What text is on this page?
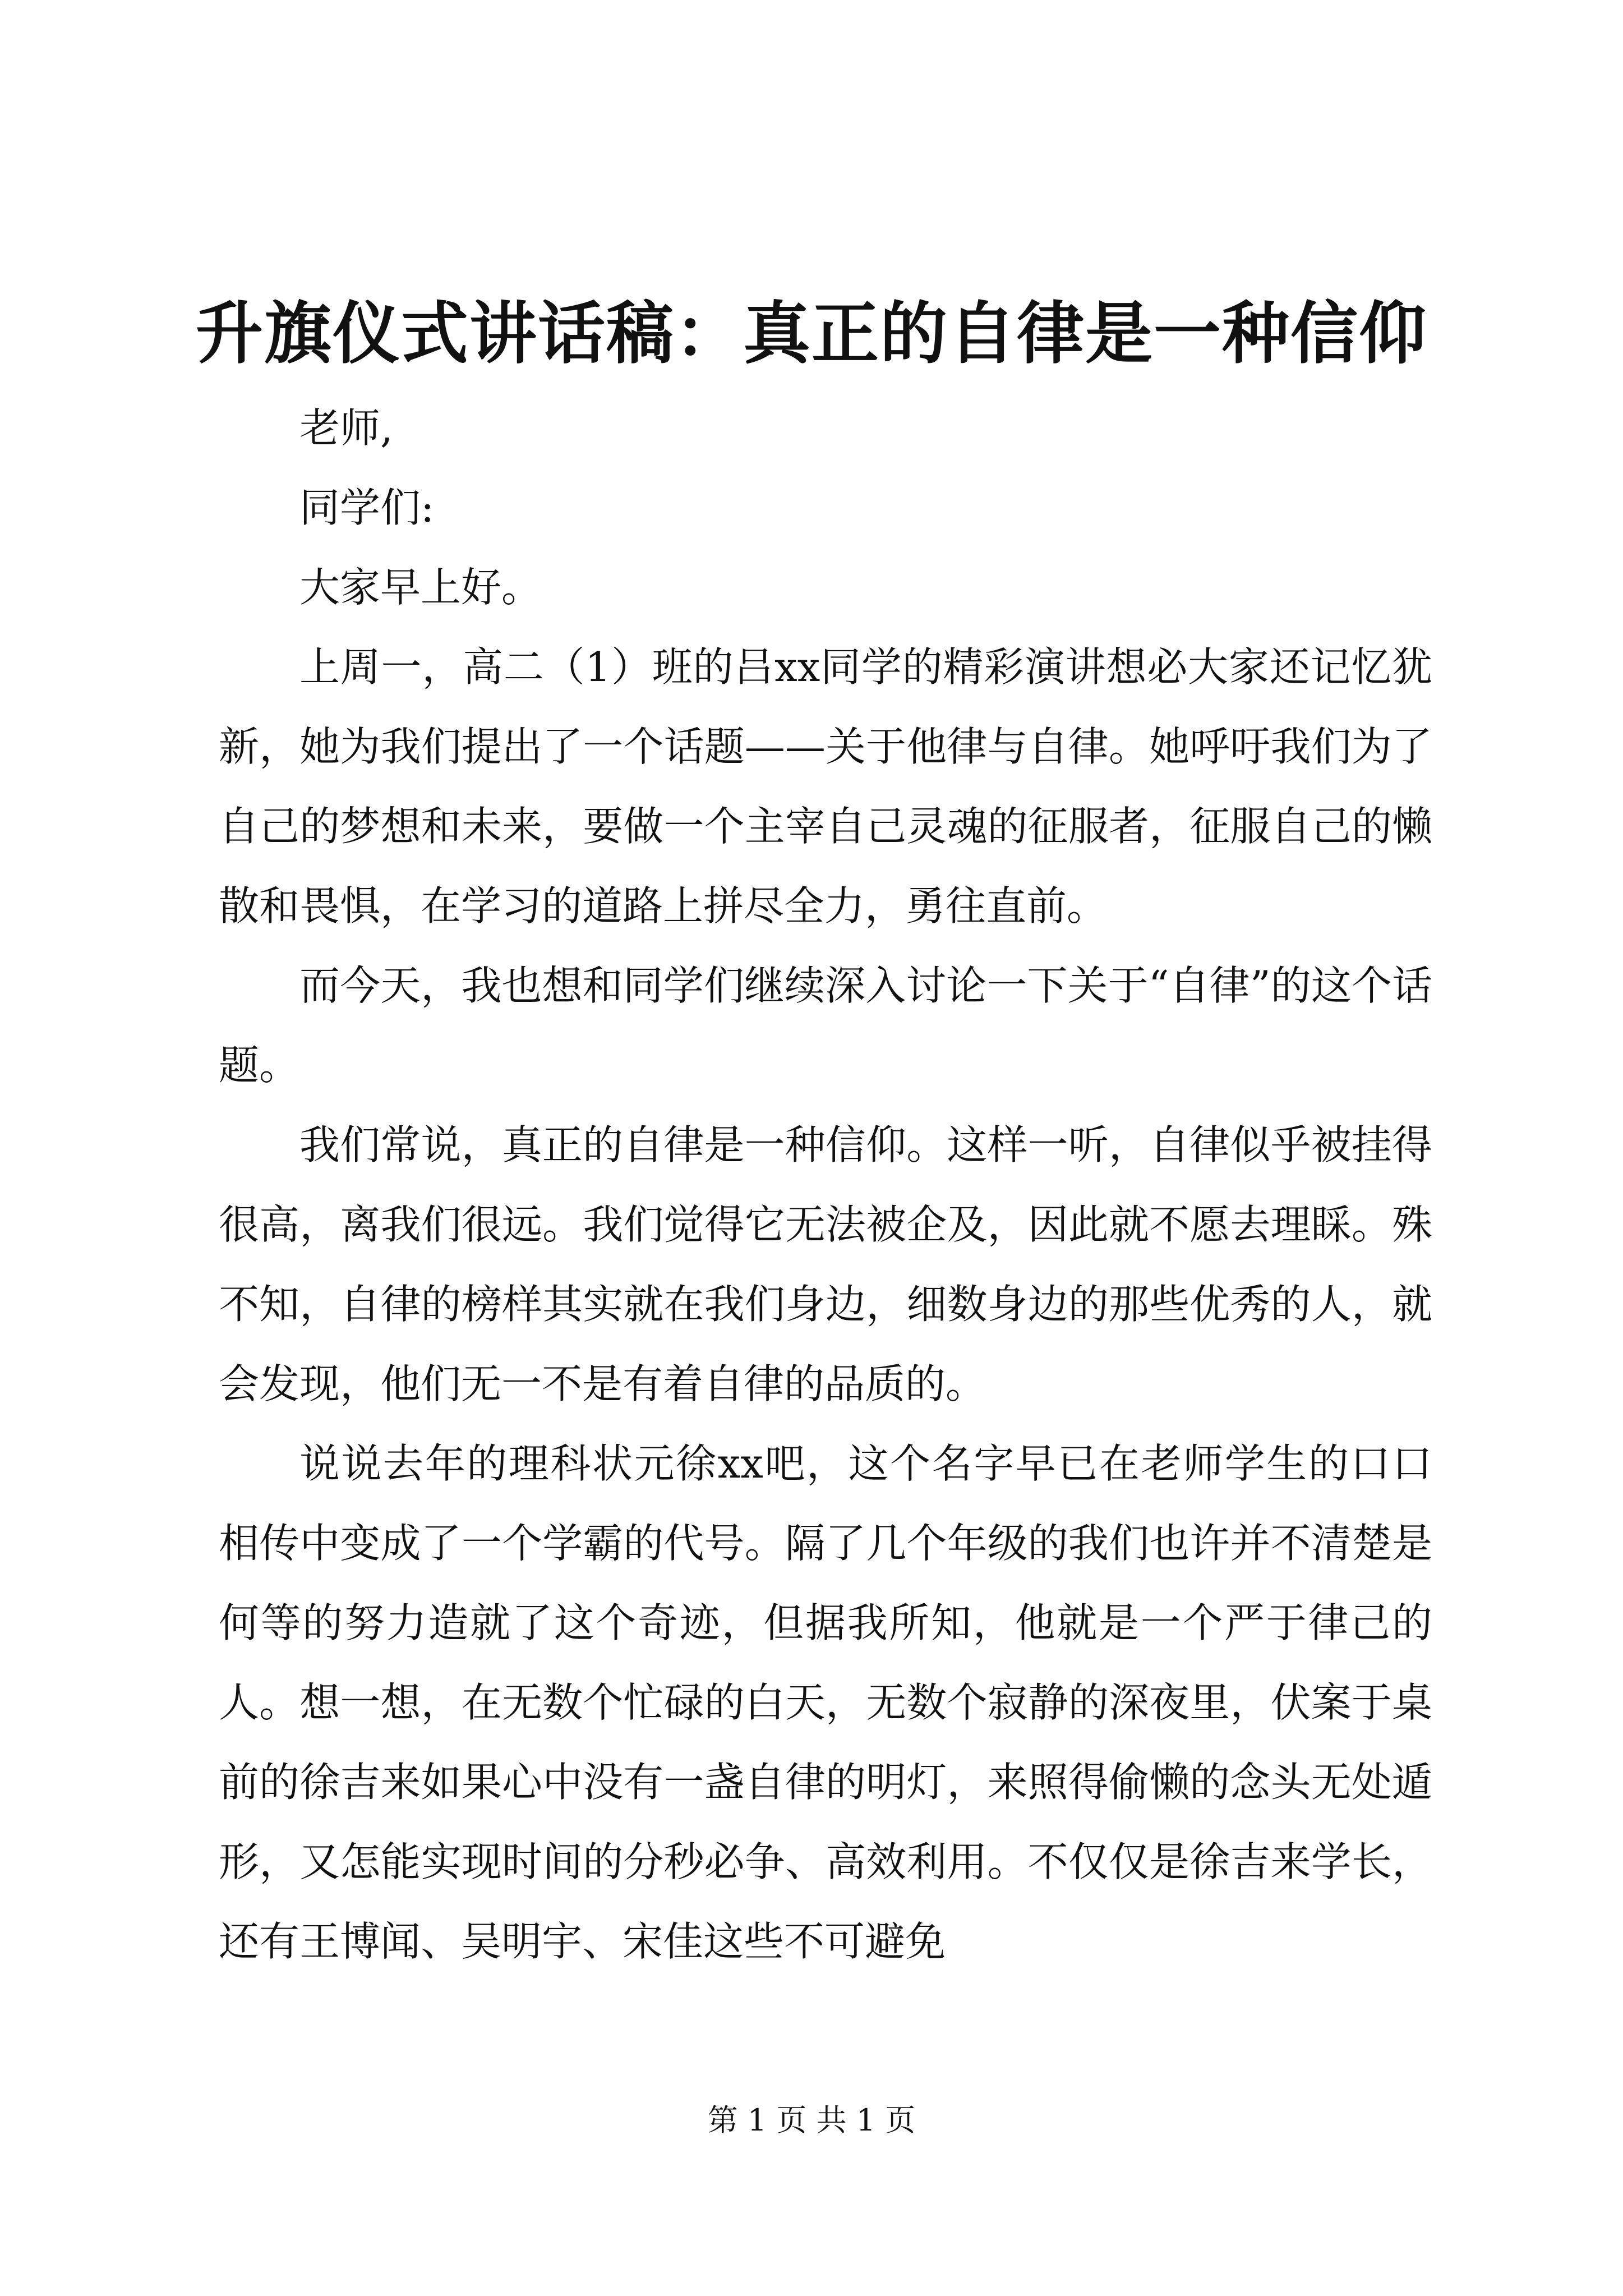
升旗仪式讲话稿：真正的自律是一种信仰

老师,

同学们:

大家早上好。

上周一，高二（1）班的吕xx同学的精彩演讲想必大家还记忆犹新，她为我们提出了一个话题——关于他律与自律。她呼吁我们为了自己的梦想和未来，要做一个主宰自己灵魂的征服者，征服自己的懒散和畏惧，在学习的道路上拼尽全力，勇往直前。

而今天，我也想和同学们继续深入讨论一下关于“自律”的这个话题。

我们常说，真正的自律是一种信仰。这样一听，自律似乎被挂得很高，离我们很远。我们觉得它无法被企及，因此就不愿去理睬。殊不知，自律的榜样其实就在我们身边，细数身边的那些优秀的人，就会发现，他们无一不是有着自律的品质的。

说说去年的理科状元徐xx吧，这个名字早已在老师学生的口口相传中变成了一个学霸的代号。隔了几个年级的我们也许并不清楚是何等的努力造就了这个奇迹，但据我所知，他就是一个严于律己的人。想一想，在无数个忙碌的白天，无数个寂静的深夜里，伏案于桌前的徐吉来如果心中没有一盏自律的明灯，来照得偷懒的念头无处遁形，又怎能实现时间的分秒必争、高效利用。不仅仅是徐吉来学长，还有王博闻、吴明宇、宋佳这些不可避免

第 1 页 共 1 页
